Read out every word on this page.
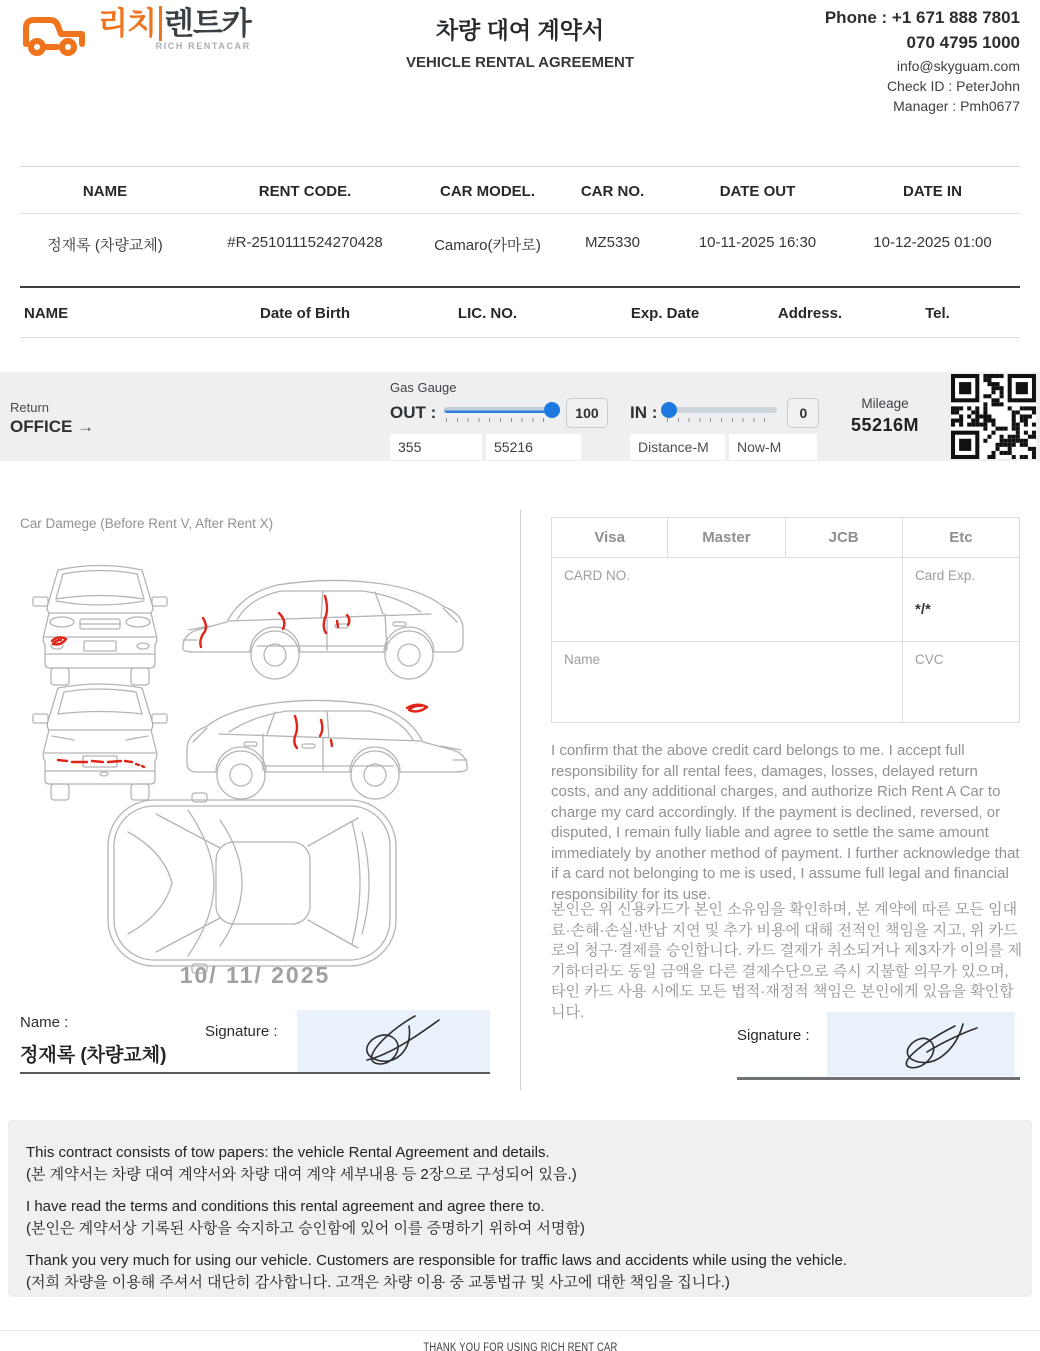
리치 렌트카
RICH RENTACAR
차량 대여 계약서
VEHICLE RENTAL AGREEMENT
Phone : +1 671 888 7801
070 4795 1000
info@skyguam.com
Check ID : PeterJohn
Manager : Pmh0677
NAME	RENT CODE.	CAR MODEL.	CAR NO.	DATE OUT	DATE IN
정재록 (차량교체)	#R-2510111524270428	Camaro(카마로)	MZ5330	10-11-2025 16:30	10-12-2025 01:00
NAME	Date of Birth	LIC. NO.	Exp. Date	Address.	Tel.
Return
OFFICE →
Gas Gauge
OUT :	100	IN :	0
355
55216
Distance-M
Now-M
Mileage
55216M
Car Damege (Before Rent V, After Rent X)
10/ 11/ 2025
Name :
정재록 (차량교체)
Signature :
Visa	Master	JCB	Etc
CARD NO.	Card Exp.
*/*
Name	CVC
I confirm that the above credit card belongs to me. I accept full responsibility for all rental fees, damages, losses, delayed return costs, and any additional charges, and authorize Rich Rent A Car to charge my card accordingly. If the payment is declined, reversed, or disputed, I remain fully liable and agree to settle the same amount immediately by another method of payment. I further acknowledge that if a card not belonging to me is used, I assume full legal and financial responsibility for its use.
본인은 위 신용카드가 본인 소유임을 확인하며, 본 계약에 따른 모든 임대료·손해·손실·반납 지연 및 추가 비용에 대해 전적인 책임을 지고, 위 카드로의 청구·결제를 승인합니다. 카드 결제가 취소되거나 제3자가 이의를 제기하더라도 동일 금액을 다른 결제수단으로 즉시 지불할 의무가 있으며, 타인 카드 사용 시에도 모든 법적·재정적 책임은 본인에게 있음을 확인합니다.
Signature :
This contract consists of tow papers: the vehicle Rental Agreement and details.
(본 계약서는 차량 대여 계약서와 차량 대여 계약 세부내용 등 2장으로 구성되어 있음.)
I have read the terms and conditions this rental agreement and agree there to.
(본인은 계약서상 기록된 사항을 숙지하고 승인함에 있어 이를 증명하기 위하여 서명함)
Thank you very much for using our vehicle. Customers are responsible for traffic laws and accidents while using the vehicle.
(저희 차량을 이용해 주셔서 대단히 감사합니다. 고객은 차량 이용 중 교통법규 및 사고에 대한 책임을 집니다.)
THANK YOU FOR USING RICH RENT CAR
